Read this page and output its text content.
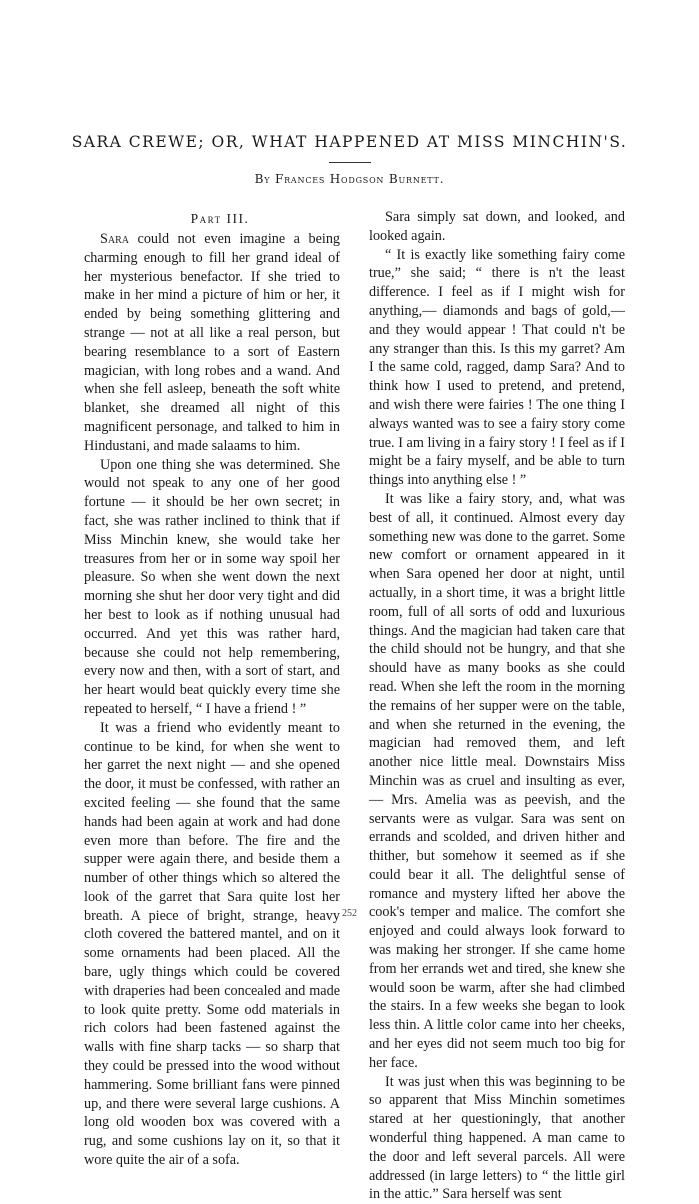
SARA CREWE; OR, WHAT HAPPENED AT MISS MINCHIN'S.

By Frances Hodgson Burnett.

Part III.

Sara could not even imagine a being charming enough to fill her grand ideal of her mysterious benefactor. If she tried to make in her mind a picture of him or her, it ended by being something glittering and strange — not at all like a real person, but bearing resemblance to a sort of Eastern magician, with long robes and a wand. And when she fell asleep, beneath the soft white blanket, she dreamed all night of this magnificent personage, and talked to him in Hindustani, and made salaams to him.

Upon one thing she was determined. She would not speak to any one of her good fortune — it should be her own secret; in fact, she was rather inclined to think that if Miss Minchin knew, she would take her treasures from her or in some way spoil her pleasure. So when she went down the next morning she shut her door very tight and did her best to look as if nothing unusual had occurred. And yet this was rather hard, because she could not help remembering, every now and then, with a sort of start, and her heart would beat quickly every time she repeated to herself, “ I have a friend ! ”

It was a friend who evidently meant to continue to be kind, for when she went to her garret the next night — and she opened the door, it must be confessed, with rather an excited feeling — she found that the same hands had been again at work and had done even more than before. The fire and the supper were again there, and beside them a number of other things which so altered the look of the garret that Sara quite lost her breath. A piece of bright, strange, heavy cloth covered the battered mantel, and on it some ornaments had been placed. All the bare, ugly things which could be covered with draperies had been concealed and made to look quite pretty. Some odd materials in rich colors had been fastened against the walls with fine sharp tacks — so sharp that they could be pressed into the wood without hammering. Some brilliant fans were pinned up, and there were several large cushions. A long old wooden box was covered with a rug, and some cushions lay on it, so that it wore quite the air of a sofa.

Sara simply sat down, and looked, and looked again.

“ It is exactly like something fairy come true,” she said; “ there is n't the least difference. I feel as if I might wish for anything,— diamonds and bags of gold,— and they would appear ! That could n't be any stranger than this. Is this my garret? Am I the same cold, ragged, damp Sara? And to think how I used to pretend, and pretend, and wish there were fairies ! The one thing I always wanted was to see a fairy story come true. I am living in a fairy story ! I feel as if I might be a fairy myself, and be able to turn things into anything else ! ”

It was like a fairy story, and, what was best of all, it continued. Almost every day something new was done to the garret. Some new comfort or ornament appeared in it when Sara opened her door at night, until actually, in a short time, it was a bright little room, full of all sorts of odd and luxurious things. And the magician had taken care that the child should not be hungry, and that she should have as many books as she could read. When she left the room in the morning the remains of her supper were on the table, and when she returned in the evening, the magician had removed them, and left another nice little meal. Downstairs Miss Minchin was as cruel and insulting as ever, — Mrs. Amelia was as peevish, and the servants were as vulgar. Sara was sent on errands and scolded, and driven hither and thither, but somehow it seemed as if she could bear it all. The delightful sense of romance and mystery lifted her above the cook's temper and malice. The comfort she enjoyed and could always look forward to was making her stronger. If she came home from her errands wet and tired, she knew she would soon be warm, after she had climbed the stairs. In a few weeks she began to look less thin. A little color came into her cheeks, and her eyes did not seem much too big for her face.

It was just when this was beginning to be so apparent that Miss Minchin sometimes stared at her questioningly, that another wonderful thing happened. A man came to the door and left several parcels. All were addressed (in large letters) to “ the little girl in the attic.” Sara herself was sent

252
